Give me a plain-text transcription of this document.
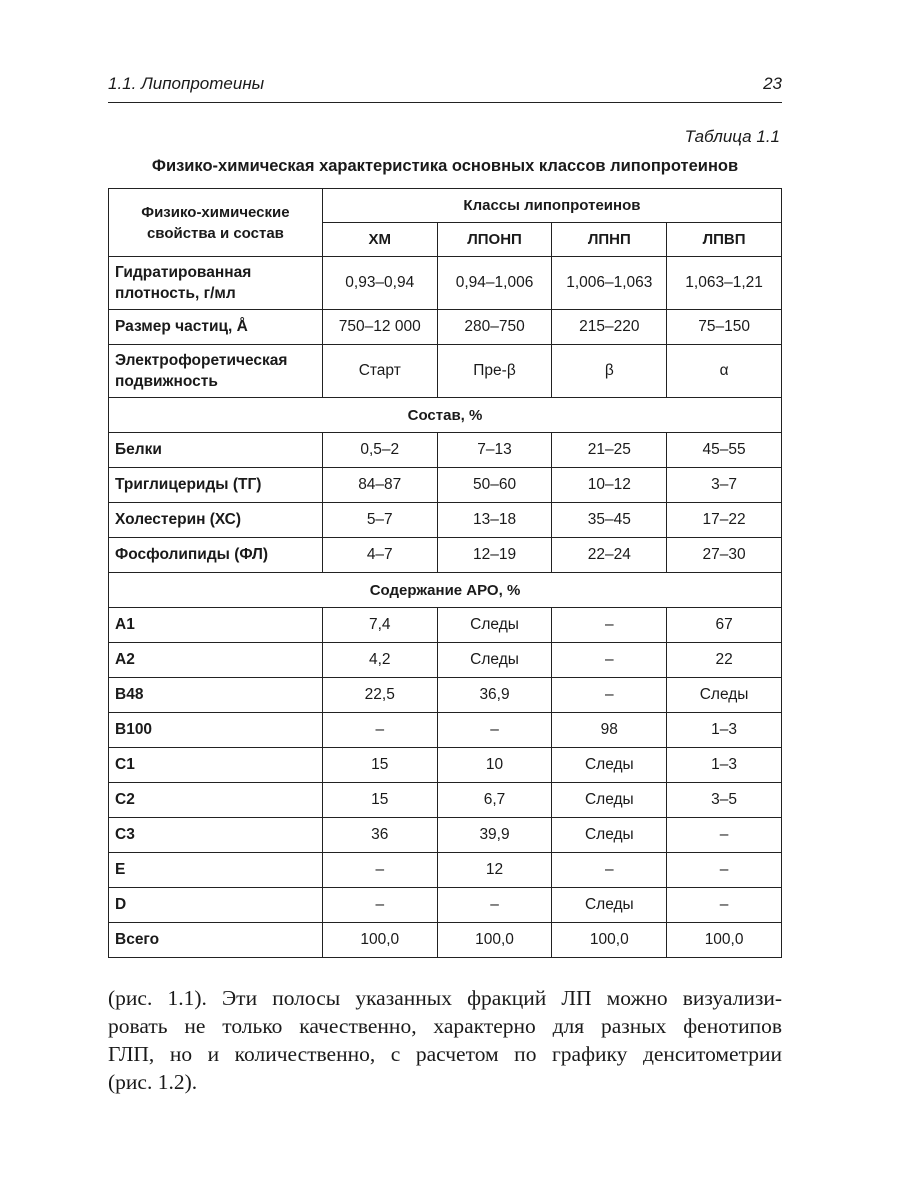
1.1. Липопротеины	23
Таблица 1.1
Физико-химическая характеристика основных классов липопротеинов
Физико-химические свойства и состав	Классы липопротеинов			
	ХМ	ЛПОНП	ЛПНП	ЛПВП
Гидратированная плотность, г/мл	0,93–0,94	0,94–1,006	1,006–1,063	1,063–1,21
Размер частиц, Å	750–12 000	280–750	215–220	75–150
Электрофоретическая подвижность	Старт	Пре-β	β	α
Состав, %				
Белки	0,5–2	7–13	21–25	45–55
Триглицериды (ТГ)	84–87	50–60	10–12	3–7
Холестерин (ХС)	5–7	13–18	35–45	17–22
Фосфолипиды (ФЛ)	4–7	12–19	22–24	27–30
Содержание АРО, %				
A1	7,4	Следы	–	67
A2	4,2	Следы	–	22
B48	22,5	36,9	–	Следы
B100	–	–	98	1–3
C1	15	10	Следы	1–3
C2	15	6,7	Следы	3–5
C3	36	39,9	Следы	–
E	–	12	–	–
D	–	–	Следы	–
Всего	100,0	100,0	100,0	100,0
(рис. 1.1). Эти полосы указанных фракций ЛП можно визуализи-
ровать не только качественно, характерно для разных фенотипов
ГЛП, но и количественно, с расчетом по графику денситометрии
(рис. 1.2).
